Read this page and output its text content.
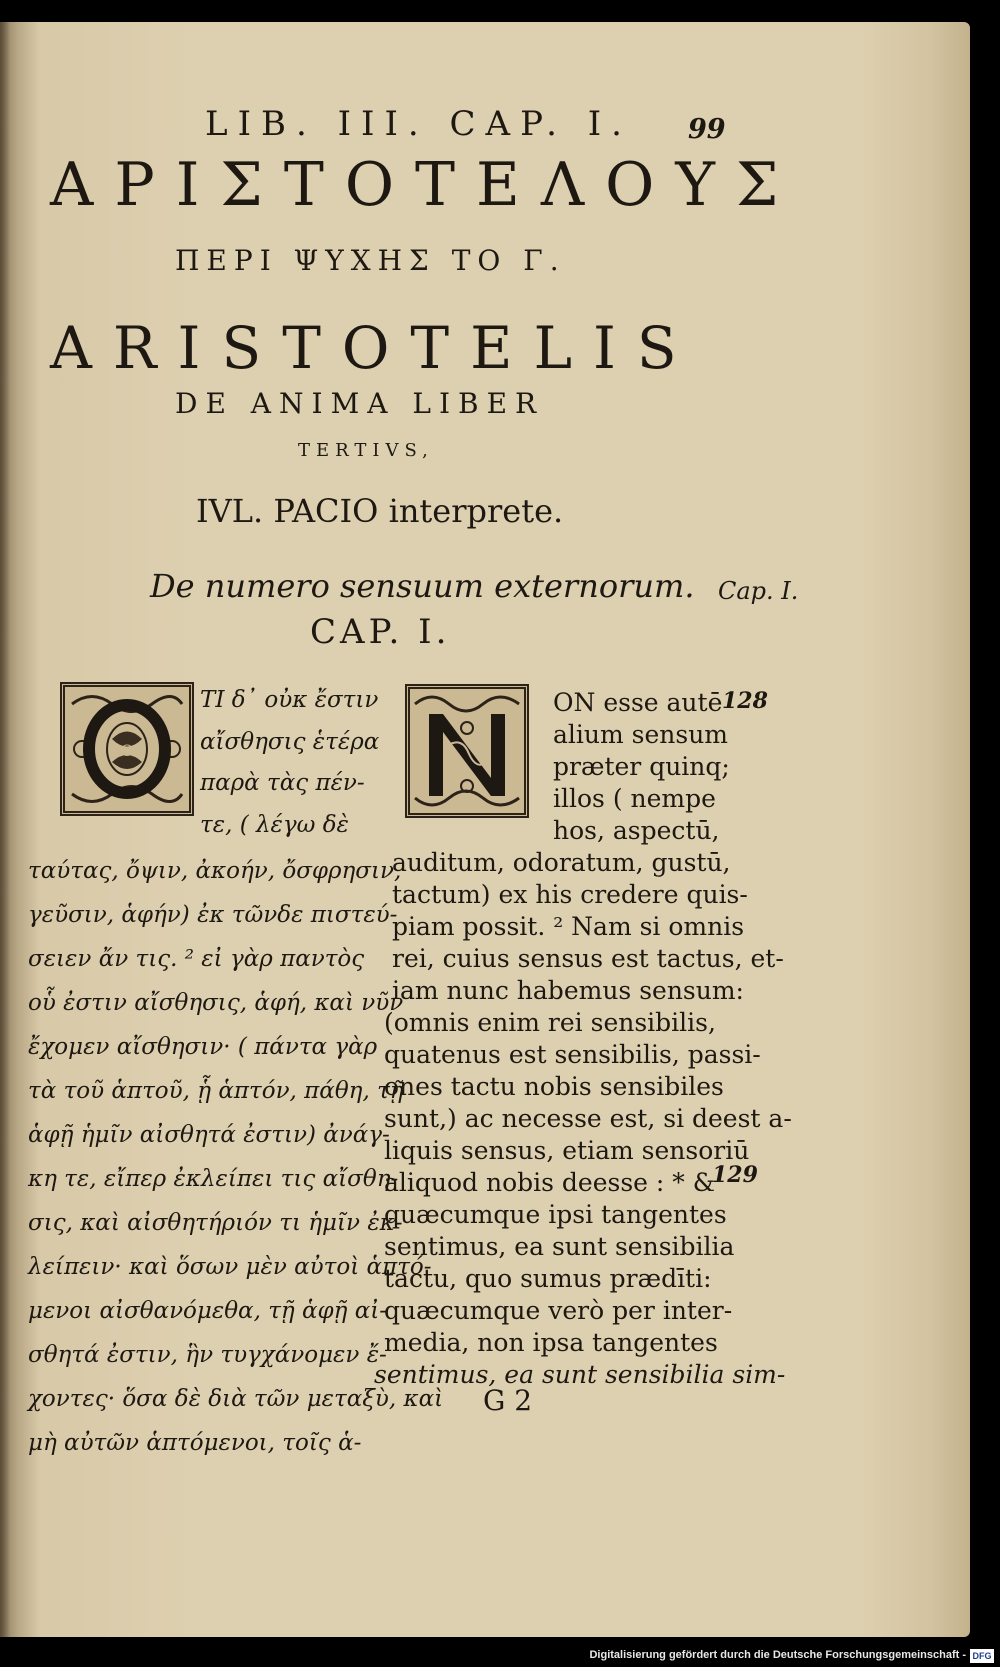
LIB. III. CAP. I. 99
ΑΡΙΣΤΟΤΕΛΟΥΣ
ΠΕΡΙ ΨΥΧΗΣ ΤΟ Γ.
ARISTOTELIS
DE ANIMA LIBER
TERTIVS,
IVL. PACIO interprete.
De numero sensuum externorum. Cap. I.
CAP. I.
O
N
ΤΙ δ᾽ οὐκ ἔστιν
αἴσθησις ἑτέρα
παρὰ τὰς πέν-
τε, ( λέγω δὲ
ταύτας, ὄψιν, ἀκοήν, ὄσφρησιν,
γεῦσιν, ἁφήν) ἐκ τῶνδε πιστεύ-
σειεν ἄν τις. ² εἰ γὰρ παντὸς
οὗ ἐστιν αἴσθησις, ἁφή, καὶ νῦν
ἔχομεν αἴσθησιν· ( πάντα γὰρ
τὰ τοῦ ἁπτοῦ, ᾗ ἁπτόν, πάθη, τῇ
ἁφῇ ἡμῖν αἰσθητά ἐστιν) ἀνάγ-
κη τε, εἴπερ ἐκλείπει τις αἴσθη-
σις, καὶ αἰσθητήριόν τι ἡμῖν ἐκ-
λείπειν· καὶ ὅσων μὲν αὐτοὶ ἁπτό-
μενοι αἰσθανόμεθα, τῇ ἁφῇ αἰ-
σθητά ἐστιν, ἣν τυγχάνομεν ἔ-
χοντες· ὅσα δὲ διὰ τῶν μεταξὺ, καὶ
μὴ αὐτῶν ἁπτόμενοι, τοῖς ἁ-
ON esse autē
alium sensum
præter quinq;
illos ( nempe
hos, aspectū,
auditum, odoratum, gustū,
tactum) ex his credere quis-
piam possit. ² Nam si omnis
rei, cuius sensus est tactus, et-
iam nunc habemus sensum:
(omnis enim rei sensibilis,
quatenus est sensibilis, passi-
ones tactu nobis sensibiles
sunt,) ac necesse est, si deest a-
liquis sensus, etiam sensoriū
aliquod nobis deesse : * &
quæcumque ipsi tangentes
sentimus, ea sunt sensibilia
tactu, quo sumus prædīti:
quæcumque verò per inter-
media, non ipsa tangentes
sentimus, ea sunt sensibilia sim-
128
129
G 2
Digitalisierung gefördert durch die Deutsche Forschungsgemeinschaft - DFG
